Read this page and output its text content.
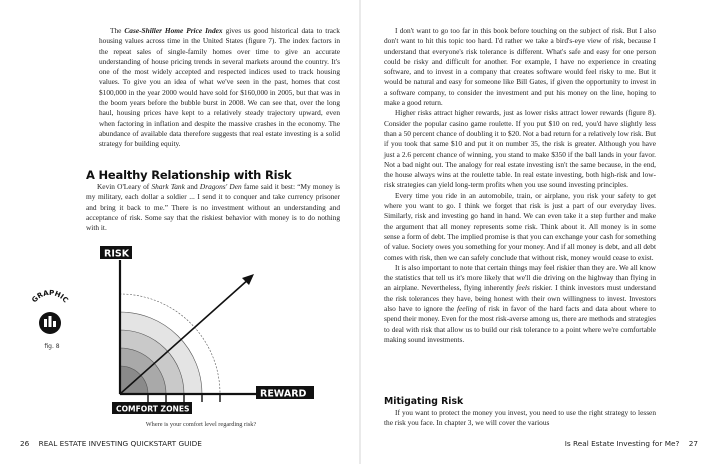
The Case-Shiller Home Price Index gives us good historical data to track housing values across time in the United States (figure 7). The index factors in the repeat sales of single-family homes over time to give an accurate understanding of house pricing trends in several markets around the country. It's one of the most widely accepted and respected indices used to track housing values. To give you an idea of what we've seen in the past, homes that cost $100,000 in the year 2000 would have sold for $160,000 in 2005, but that was in the boom years before the bubble burst in 2008. We can see that, over the long haul, housing prices have kept to a relatively steady trajectory upward, even when factoring in inflation and despite the massive crashes in the economy. The abundance of available data therefore suggests that real estate investing is a solid strategy for building equity.

A Healthy Relationship with Risk

Kevin O'Leary of Shark Tank and Dragons' Den fame said it best: “My money is my military, each dollar a soldier ... I send it to conquer and take currency prisoner and bring it back to me.” There is no investment without an understanding and acceptance of risk. Some say that the riskiest behavior with money is to do nothing with it.

RISK
REWARD
COMFORT ZONES
Where is your comfort level regarding risk?
GRAPHIC
fig. 8
26 REAL ESTATE INVESTING QUICKSTART GUIDE

I don't want to go too far in this book before touching on the subject of risk. But I also don't want to hit this topic too hard. I'd rather we take a bird's-eye view of risk, because I understand that everyone's risk tolerance is different. What's safe and easy for one person could be risky and difficult for another. For example, I have no experience in creating software, and to invest in a company that creates software would feel risky to me. But it would be natural and easy for someone like Bill Gates, if given the opportunity to invest in a software company, to consider the investment and put his money on the line, hoping to make a good return.

Higher risks attract higher rewards, just as lower risks attract lower rewards (figure 8). Consider the popular casino game roulette. If you put $10 on red, you'd have slightly less than a 50 percent chance of doubling it to $20. Not a bad return for a relatively low risk. But if you took that same $10 and put it on number 35, the risk is greater. Although you have just a 2.6 percent chance of winning, you stand to make $350 if the ball lands in your favor. Not a bad night out. The analogy for real estate investing isn't the same because, in the end, the house always wins at the roulette table. In real estate investing, both high-risk and low-risk strategies can yield long-term profits when you use sound investing principles.

Every time you ride in an automobile, train, or airplane, you risk your safety to get where you want to go. I think we forget that risk is just a part of our everyday lives. Similarly, risk and investing go hand in hand. We can even take it a step further and make the argument that all money represents some risk. Think about it. All money is in some sense a form of debt. The implied promise is that you can exchange your cash for something of value. Society owes you something for your money. And if all money is debt, and all debt comes with risk, then we can safely conclude that without risk, money would cease to exist.

It is also important to note that certain things may feel riskier than they are. We all know the statistics that tell us it's more likely that we'll die driving on the highway than flying in an airplane. Nevertheless, flying inherently feels riskier. I think investors must understand the risk tolerances they have, being honest with their own willingness to invest. Investors also have to ignore the feeling of risk in favor of the hard facts and data about where to spend their money. Even for the most risk-averse among us, there are methods and strategies to deal with risk that allow us to build our risk tolerance to a point where we're comfortable making sound investments.

Mitigating Risk

If you want to protect the money you invest, you need to use the right strategy to lessen the risk you face. In chapter 3, we will cover the various

Is Real Estate Investing for Me? 27
